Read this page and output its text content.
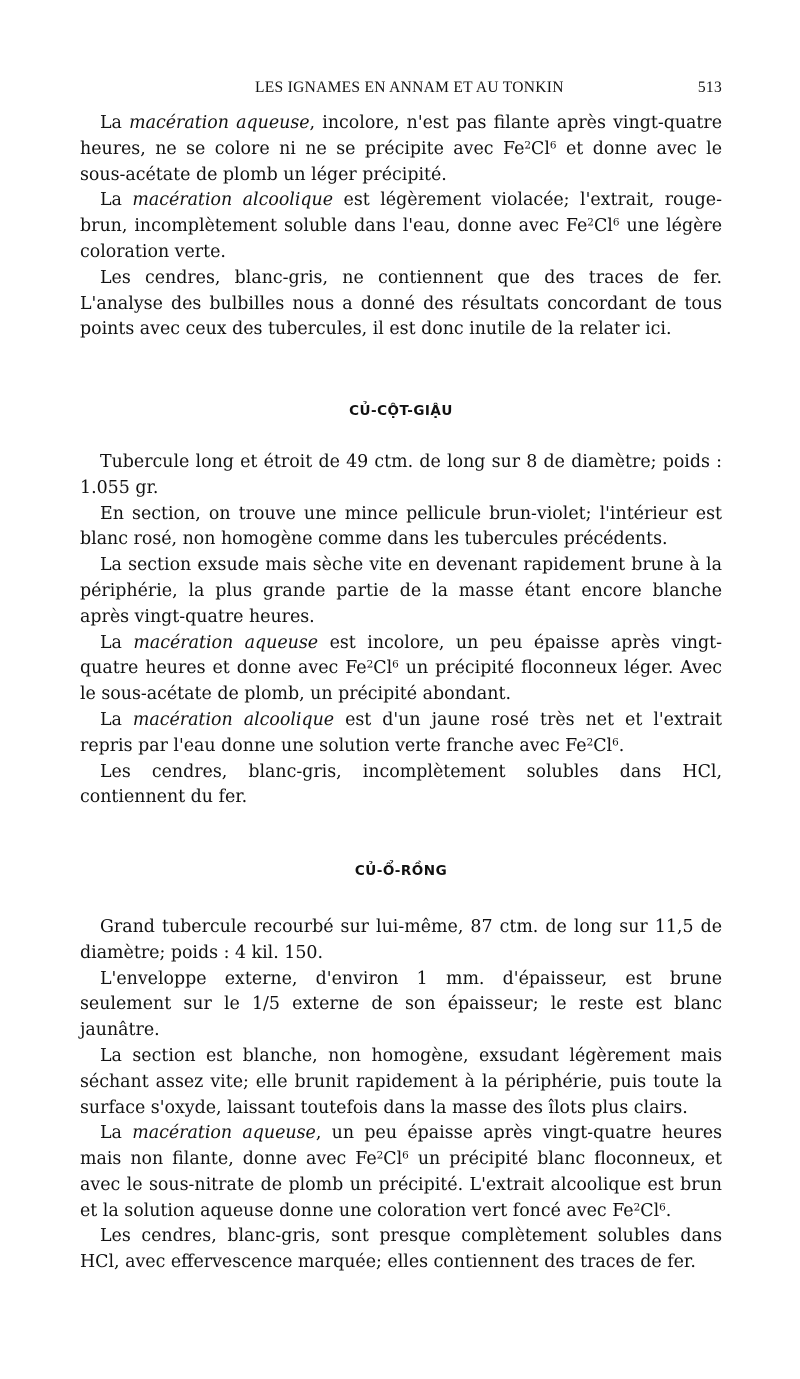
LES IGNAMES EN ANNAM ET AU TONKIN	513

La macération aqueuse, incolore, n'est pas filante après vingt-quatre heures, ne se colore ni ne se précipite avec Fe$^2$Cl$^6$ et donne avec le sous-acétate de plomb un léger précipité.

La macération alcoolique est légèrement violacée; l'extrait, rouge-brun, incomplètement soluble dans l'eau, donne avec Fe$^2$Cl$^6$ une légère coloration verte.

Les cendres, blanc-gris, ne contiennent que des traces de fer. L'analyse des bulbilles nous a donné des résultats concordant de tous points avec ceux des tubercules, il est donc inutile de la relater ici.

CỦ-CỘT-GIẬU

Tubercule long et étroit de 49 ctm. de long sur 8 de diamètre; poids : 1.055 gr.

En section, on trouve une mince pellicule brun-violet; l'intérieur est blanc rosé, non homogène comme dans les tubercules précédents.

La section exsude mais sèche vite en devenant rapidement brune à la périphérie, la plus grande partie de la masse étant encore blanche après vingt-quatre heures.

La macération aqueuse est incolore, un peu épaisse après vingt-quatre heures et donne avec Fe$^2$Cl$^6$ un précipité floconneux léger. Avec le sous-acétate de plomb, un précipité abondant.

La macération alcoolique est d'un jaune rosé très net et l'extrait repris par l'eau donne une solution verte franche avec Fe$^2$Cl$^6$.

Les cendres, blanc-gris, incomplètement solubles dans HCl, contiennent du fer.

CỦ-Ổ-RỒNG

Grand tubercule recourbé sur lui-même, 87 ctm. de long sur 11,5 de diamètre; poids : 4 kil. 150.

L'enveloppe externe, d'environ 1 mm. d'épaisseur, est brune seulement sur le 1/5 externe de son épaisseur; le reste est blanc jaunâtre.

La section est blanche, non homogène, exsudant légèrement mais séchant assez vite; elle brunit rapidement à la périphérie, puis toute la surface s'oxyde, laissant toutefois dans la masse des îlots plus clairs.

La macération aqueuse, un peu épaisse après vingt-quatre heures mais non filante, donne avec Fe$^2$Cl$^6$ un précipité blanc floconneux, et avec le sous-nitrate de plomb un précipité. L'extrait alcoolique est brun et la solution aqueuse donne une coloration vert foncé avec Fe$^2$Cl$^6$.

Les cendres, blanc-gris, sont presque complètement solubles dans HCl, avec effervescence marquée; elles contiennent des traces de fer.
